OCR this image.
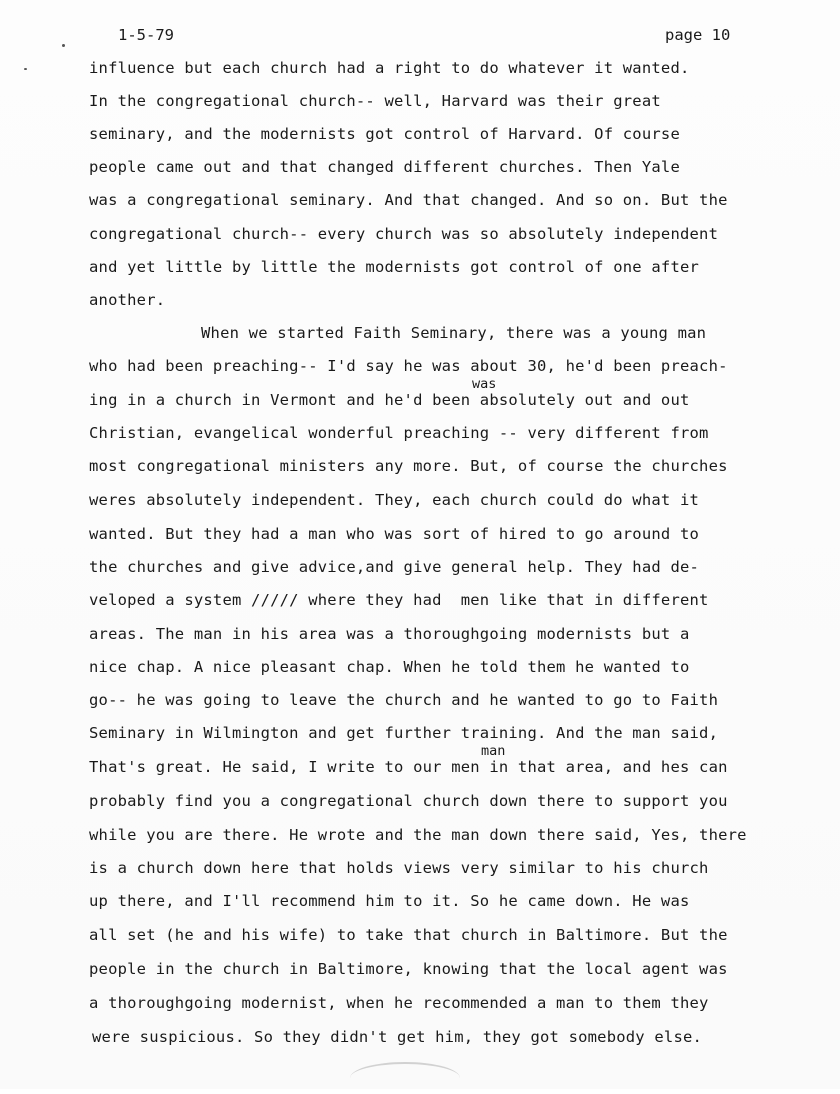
1-5-79	page 10
influence but each church had a right to do whatever it wanted.
In the congregational church-- well, Harvard was their great
seminary, and the modernists got control of Harvard. Of course
people came out and that changed different churches. Then Yale
was a congregational seminary. And that changed. And so on. But the
congregational church-- every church was so absolutely independent
and yet little by little the modernists got control of one after
another.
When we started Faith Seminary, there was a young man
who had been preaching-- I'd say he was about 30, he'd been preach-
was
ing in a church in Vermont and he'd been absolutely out and out
Christian, evangelical wonderful preaching -- very different from
most congregational ministers any more. But, of course the churches
weres absolutely independent. They, each church could do what it
wanted. But they had a man who was sort of hired to go around to
the churches and give advice,and give general help. They had de-
veloped a system ///// where they had  men like that in different
areas. The man in his area was a thoroughgoing modernists but a
nice chap. A nice pleasant chap. When he told them he wanted to
go-- he was going to leave the church and he wanted to go to Faith
Seminary in Wilmington and get further training. And the man said,
man
That's great. He said, I write to our men in that area, and hes can
probably find you a congregational church down there to support you
while you are there. He wrote and the man down there said, Yes, there
is a church down here that holds views very similar to his church
up there, and I'll recommend him to it. So he came down. He was
all set (he and his wife) to take that church in Baltimore. But the
people in the church in Baltimore, knowing that the local agent was
a thoroughgoing modernist, when he recommended a man to them they
were suspicious. So they didn't get him, they got somebody else.
